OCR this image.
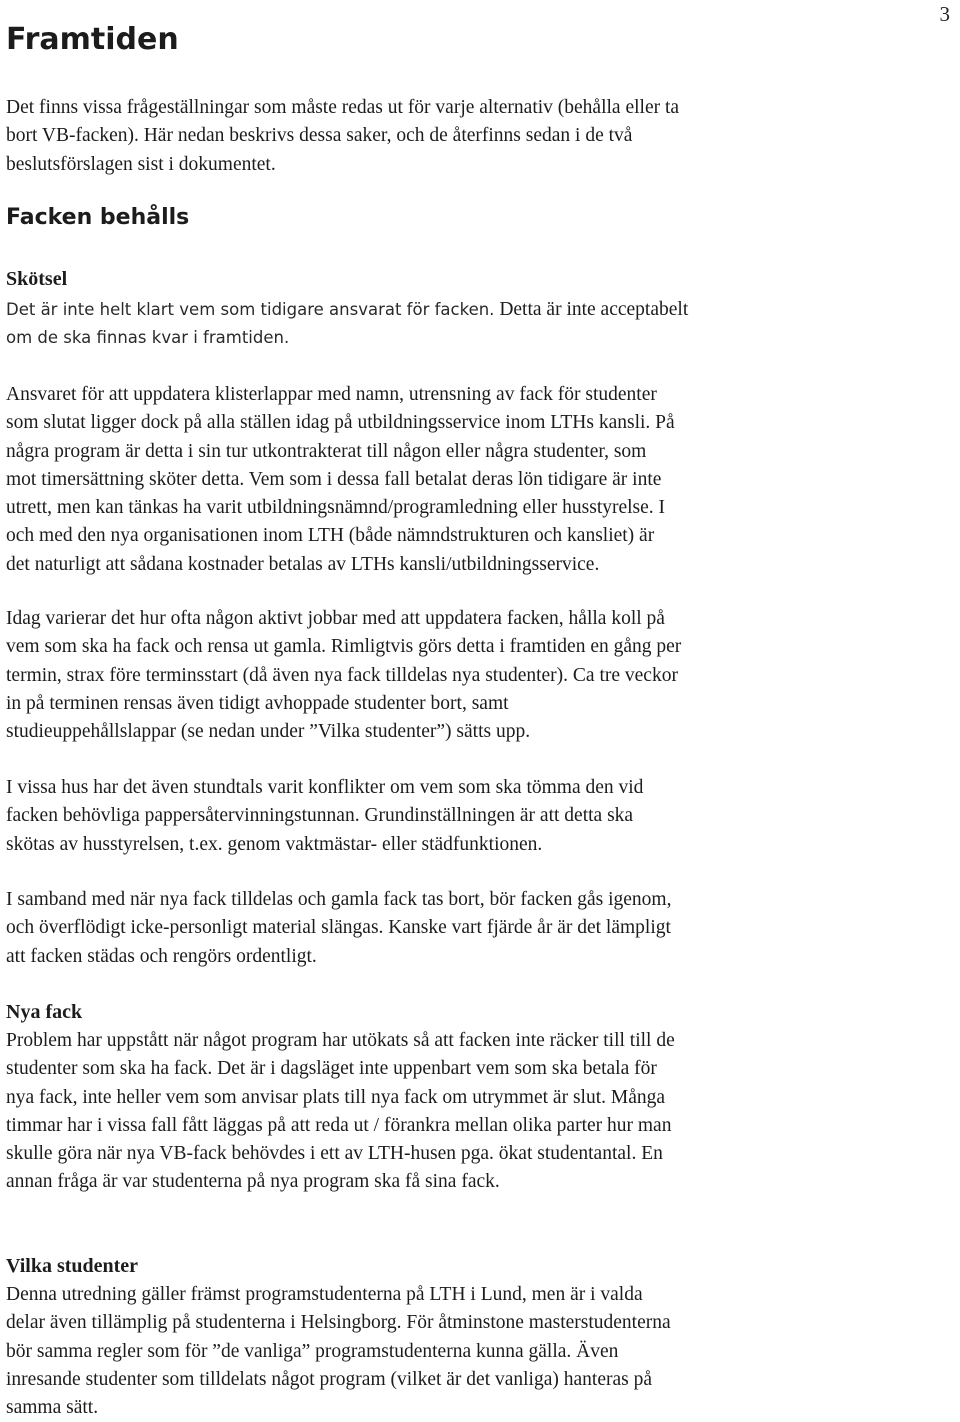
3
Framtiden

Det finns vissa frågeställningar som måste redas ut för varje alternativ (behålla eller ta
bort VB-facken). Här nedan beskrivs dessa saker, och de återfinns sedan i de två
beslutsförslagen sist i dokumentet.

Facken behålls
Skötsel
Det är inte helt klart vem som tidigare ansvarat för facken. Detta är inte acceptabelt
om de ska finnas kvar i framtiden.

Ansvaret för att uppdatera klisterlappar med namn, utrensning av fack för studenter
som slutat ligger dock på alla ställen idag på utbildningsservice inom LTHs kansli. På
några program är detta i sin tur utkontrakterat till någon eller några studenter, som
mot timersättning sköter detta. Vem som i dessa fall betalat deras lön tidigare är inte
utrett, men kan tänkas ha varit utbildningsnämnd/programledning eller husstyrelse. I
och med den nya organisationen inom LTH (både nämndstrukturen och kansliet) är
det naturligt att sådana kostnader betalas av LTHs kansli/utbildningsservice.

Idag varierar det hur ofta någon aktivt jobbar med att uppdatera facken, hålla koll på
vem som ska ha fack och rensa ut gamla. Rimligtvis görs detta i framtiden en gång per
termin, strax före terminsstart (då även nya fack tilldelas nya studenter). Ca tre veckor
in på terminen rensas även tidigt avhoppade studenter bort, samt
studieuppehållslappar (se nedan under ”Vilka studenter”) sätts upp.

I vissa hus har det även stundtals varit konflikter om vem som ska tömma den vid
facken behövliga pappersåtervinningstunnan. Grundinställningen är att detta ska
skötas av husstyrelsen, t.ex. genom vaktmästar- eller städfunktionen.

I samband med när nya fack tilldelas och gamla fack tas bort, bör facken gås igenom,
och överflödigt icke-personligt material slängas. Kanske vart fjärde år är det lämpligt
att facken städas och rengörs ordentligt.

Nya fack

Problem har uppstått när något program har utökats så att facken inte räcker till till de
studenter som ska ha fack. Det är i dagsläget inte uppenbart vem som ska betala för
nya fack, inte heller vem som anvisar plats till nya fack om utrymmet är slut. Många
timmar har i vissa fall fått läggas på att reda ut / förankra mellan olika parter hur man
skulle göra när nya VB-fack behövdes i ett av LTH-husen pga. ökat studentantal. En
annan fråga är var studenterna på nya program ska få sina fack.

Vilka studenter

Denna utredning gäller främst programstudenterna på LTH i Lund, men är i valda
delar även tillämplig på studenterna i Helsingborg. För åtminstone masterstudenterna
bör samma regler som för ”de vanliga” programstudenterna kunna gälla. Även
inresande studenter som tilldelats något program (vilket är det vanliga) hanteras på
samma sätt.
